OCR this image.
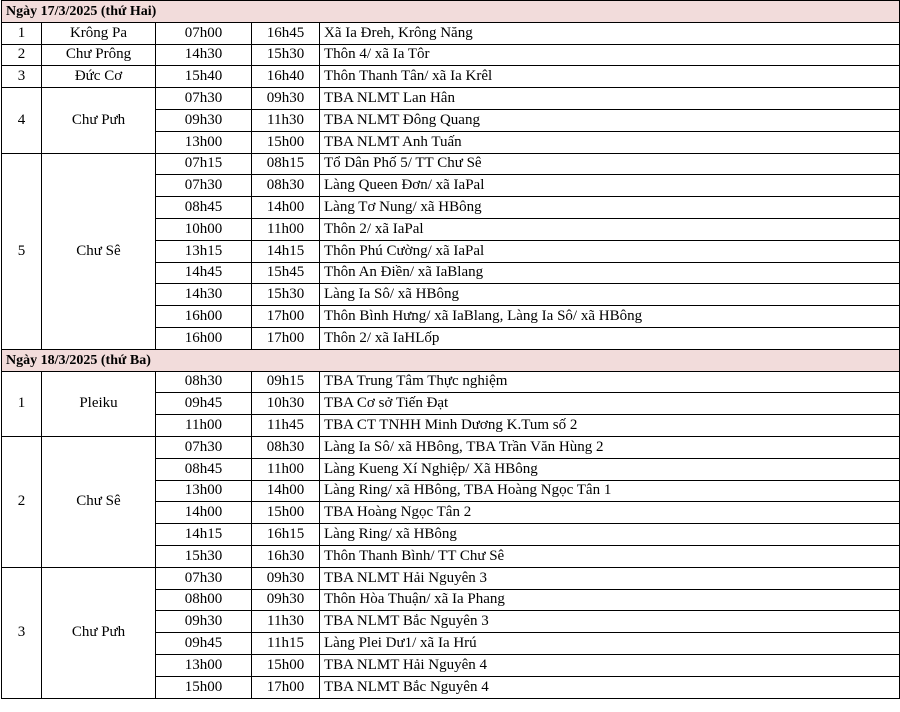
Ngày 17/3/2025 (thứ Hai)				
1	Krông Pa	07h00	16h45	Xã Ia Đreh, Krông Năng
2	Chư Prông	14h30	15h30	Thôn 4/ xã Ia Tôr
3	Đức Cơ	15h40	16h40	Thôn Thanh Tân/ xã Ia Krêl
4	Chư Pưh	07h30	09h30	TBA NLMT Lan Hân
		09h30	11h30	TBA NLMT Đông Quang
		13h00	15h00	TBA NLMT Anh Tuấn
5	Chư Sê	07h15	08h15	Tổ Dân Phố 5/ TT Chư Sê
		07h30	08h30	Làng Queen Đơn/ xã IaPal
		08h45	14h00	Làng Tơ Nung/ xã HBông
		10h00	11h00	Thôn 2/ xã IaPal
		13h15	14h15	Thôn Phú Cường/ xã IaPal
		14h45	15h45	Thôn An Điền/ xã IaBlang
		14h30	15h30	Làng Ia Sô/ xã HBông
		16h00	17h00	Thôn Bình Hưng/ xã IaBlang, Làng Ia Sô/ xã HBông
		16h00	17h00	Thôn 2/ xã IaHLốp
Ngày 18/3/2025 (thứ Ba)				
1	Pleiku	08h30	09h15	TBA Trung Tâm Thực nghiệm
		09h45	10h30	TBA Cơ sở Tiến Đạt
		11h00	11h45	TBA CT TNHH Minh Dương K.Tum số 2
2	Chư Sê	07h30	08h30	Làng Ia Sô/ xã HBông, TBA Trần Văn Hùng 2
		08h45	11h00	Làng Kueng Xí Nghiệp/ Xã HBông
		13h00	14h00	Làng Ring/ xã HBông, TBA Hoàng Ngọc Tân 1
		14h00	15h00	TBA Hoàng Ngọc Tân 2
		14h15	16h15	Làng Ring/ xã HBông
		15h30	16h30	Thôn Thanh Bình/ TT Chư Sê
3	Chư Pưh	07h30	09h30	TBA NLMT Hải Nguyên 3
		08h00	09h30	Thôn Hòa Thuận/ xã Ia Phang
		09h30	11h30	TBA NLMT Bắc Nguyên 3
		09h45	11h15	Làng Plei Dư1/ xã Ia Hrú
		13h00	15h00	TBA NLMT Hải Nguyên 4
		15h00	17h00	TBA NLMT Bắc Nguyên 4
